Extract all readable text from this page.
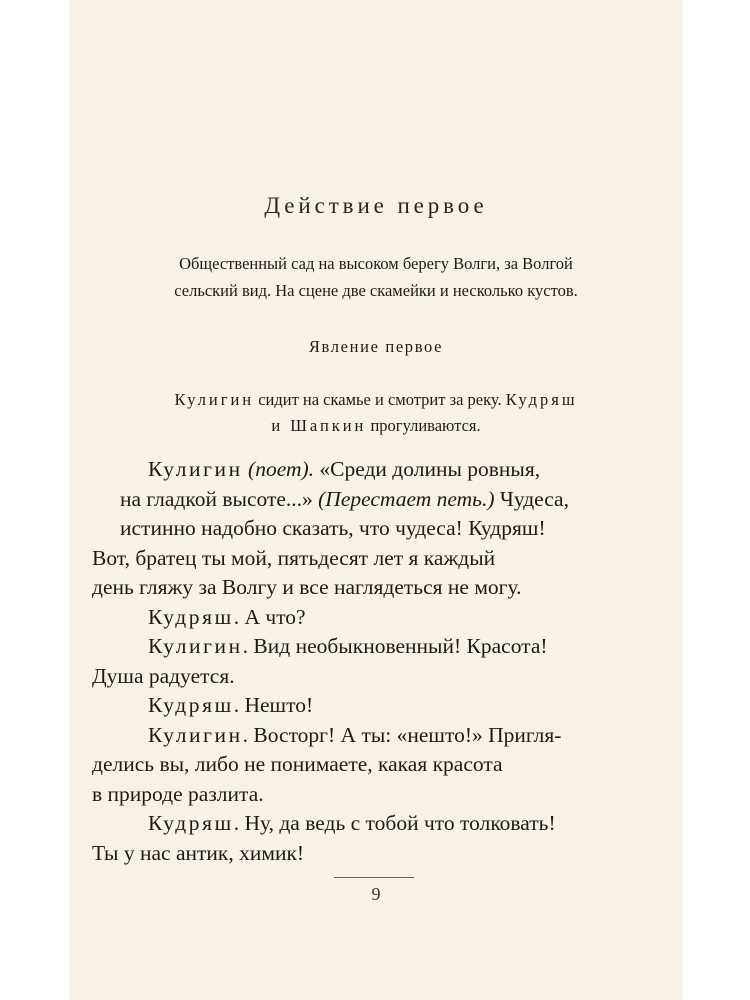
Действие первое
Общественный сад на высоком берегу Волги, за Волгой
сельский вид. На сцене две скамейки и несколько кустов.
Явление первое
Кулигин сидит на скамье и смотрит за реку. Кудряш
и Шапкин прогуливаются.
Кулигин (поет). «Среди долины ровныя,
на гладкой высоте...» (Перестает петь.) Чудеса,
истинно надобно сказать, что чудеса! Кудряш!
Вот, братец ты мой, пятьдесят лет я каждый
день гляжу за Волгу и все наглядеться не могу.
Кудряш. А что?
Кулигин. Вид необыкновенный! Красота!
Душа радуется.
Кудряш. Нешто!
Кулигин. Восторг! А ты: «нешто!» Пригля-
делись вы, либо не понимаете, какая красота
в природе разлита.
Кудряш. Ну, да ведь с тобой что толковать!
Ты у нас антик, химик!
9
